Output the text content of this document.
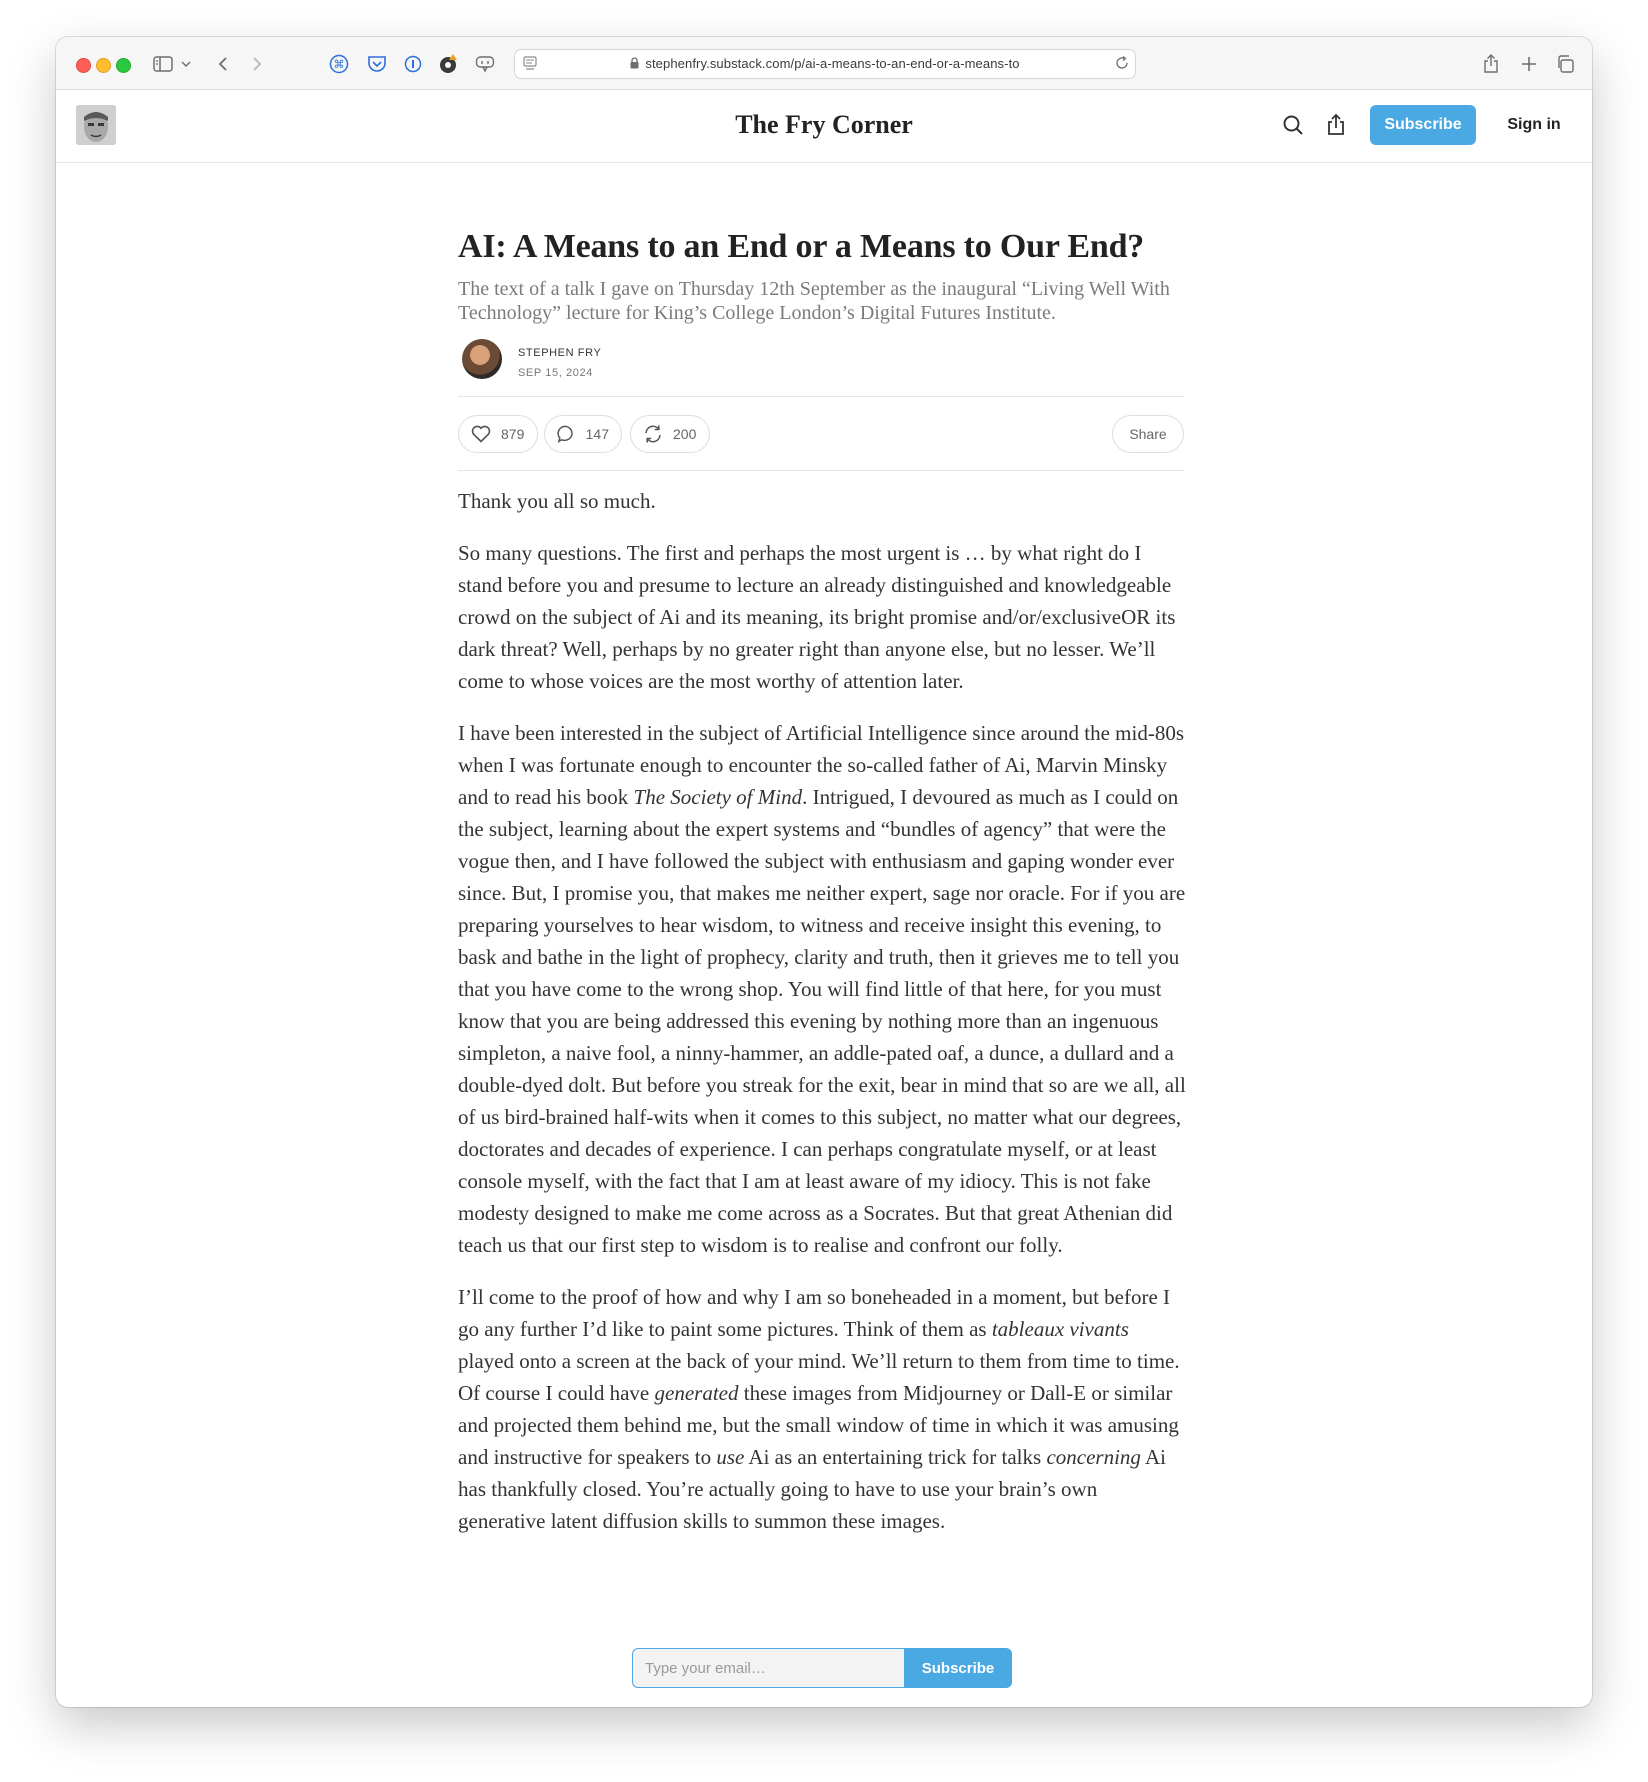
⌘	stephenfry.substack.com/p/ai-a-means-to-an-end-or-a-means-to
The Fry Corner	Subscribe	Sign in
AI: A Means to an End or a Means to Our End?
The text of a talk I gave on Thursday 12th September as the inaugural “Living Well With Technology” lecture for King’s College London’s Digital Futures Institute.
STEPHEN FRY
SEP 15, 2024
879	147	200	Share

Thank you all so much.

So many questions. The first and perhaps the most urgent is … by what right do I stand before you and presume to lecture an already distinguished and knowledgeable crowd on the subject of Ai and its meaning, its bright promise and/or/exclusiveOR its dark threat? Well, perhaps by no greater right than anyone else, but no lesser. We’ll come to whose voices are the most worthy of attention later.

I have been interested in the subject of Artificial Intelligence since around the mid-80s when I was fortunate enough to encounter the so-called father of Ai, Marvin Minsky and to read his book The Society of Mind. Intrigued, I devoured as much as I could on the subject, learning about the expert systems and “bundles of agency” that were the vogue then, and I have followed the subject with enthusiasm and gaping wonder ever since. But, I promise you, that makes me neither expert, sage nor oracle. For if you are preparing yourselves to hear wisdom, to witness and receive insight this evening, to bask and bathe in the light of prophecy, clarity and truth, then it grieves me to tell you that you have come to the wrong shop. You will find little of that here, for you must know that you are being addressed this evening by nothing more than an ingenuous simpleton, a naive fool, a ninny-hammer, an addle-pated oaf, a dunce, a dullard and a double-dyed dolt. But before you streak for the exit, bear in mind that so are we all, all of us bird-brained half-wits when it comes to this subject, no matter what our degrees, doctorates and decades of experience. I can perhaps congratulate myself, or at least console myself, with the fact that I am at least aware of my idiocy. This is not fake modesty designed to make me come across as a Socrates. But that great Athenian did teach us that our first step to wisdom is to realise and confront our folly.

I’ll come to the proof of how and why I am so boneheaded in a moment, but before I go any further I’d like to paint some pictures. Think of them as tableaux vivants played onto a screen at the back of your mind. We’ll return to them from time to time. Of course I could have generated these images from Midjourney or Dall-E or similar and projected them behind me, but the small window of time in which it was amusing and instructive for speakers to use Ai as an entertaining trick for talks concerning Ai has thankfully closed. You’re actually going to have to use your brain’s own generative latent diffusion skills to summon these images.

Type your email…
Subscribe
